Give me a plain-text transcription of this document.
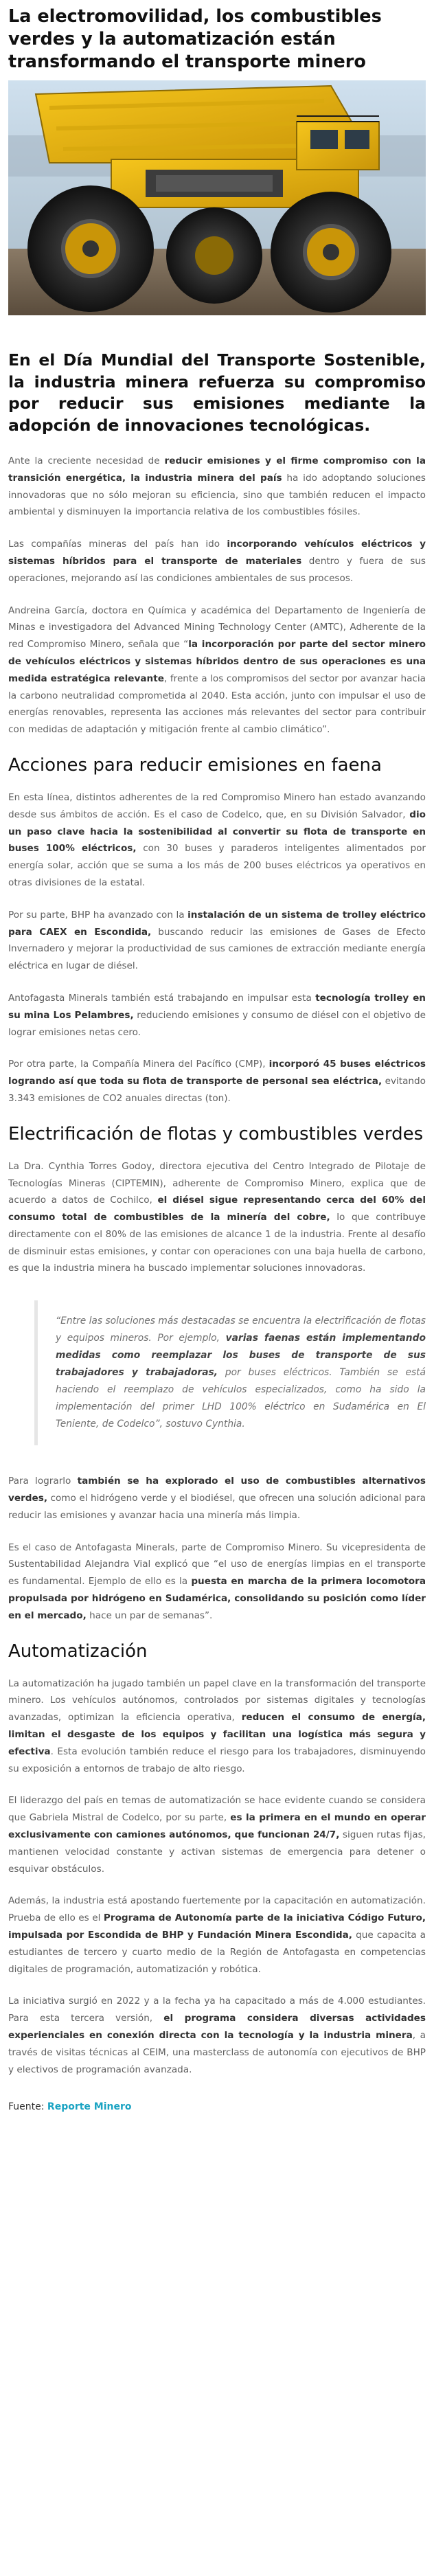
La electromovilidad, los combustibles verdes y la automatización están transformando el transporte minero

En el Día Mundial del Transporte Sostenible, la industria minera refuerza su compromiso por reducir sus emisiones mediante la adopción de innovaciones tecnológicas.

Ante la creciente necesidad de reducir emisiones y el firme compromiso con la transición energética, la industria minera del país ha ido adoptando soluciones innovadoras que no sólo mejoran su eficiencia, sino que también reducen el impacto ambiental y disminuyen la importancia relativa de los combustibles fósiles.

Las compañías mineras del país han ido incorporando vehículos eléctricos y sistemas híbridos para el transporte de materiales dentro y fuera de sus operaciones, mejorando así las condiciones ambientales de sus procesos.

Andreina García, doctora en Química y académica del Departamento de Ingeniería de Minas e investigadora del Advanced Mining Technology Center (AMTC), Adherente de la red Compromiso Minero, señala que “la incorporación por parte del sector minero de vehículos eléctricos y sistemas híbridos dentro de sus operaciones es una medida estratégica relevante, frente a los compromisos del sector por avanzar hacia la carbono neutralidad comprometida al 2040. Esta acción, junto con impulsar el uso de energías renovables, representa las acciones más relevantes del sector para contribuir con medidas de adaptación y mitigación frente al cambio climático”.

Acciones para reducir emisiones en faena

En esta línea, distintos adherentes de la red Compromiso Minero han estado avanzando desde sus ámbitos de acción. Es el caso de Codelco, que, en su División Salvador, dio un paso clave hacia la sostenibilidad al convertir su flota de transporte en buses 100% eléctricos, con 30 buses y paraderos inteligentes alimentados por energía solar, acción que se suma a los más de 200 buses eléctricos ya operativos en otras divisiones de la estatal.

Por su parte, BHP ha avanzado con la instalación de un sistema de trolley eléctrico para CAEX en Escondida, buscando reducir las emisiones de Gases de Efecto Invernadero y mejorar la productividad de sus camiones de extracción mediante energía eléctrica en lugar de diésel.

Antofagasta Minerals también está trabajando en impulsar esta tecnología trolley en su mina Los Pelambres, reduciendo emisiones y consumo de diésel con el objetivo de lograr emisiones netas cero.

Por otra parte, la Compañía Minera del Pacífico (CMP), incorporó 45 buses eléctricos logrando así que toda su flota de transporte de personal sea eléctrica, evitando 3.343 emisiones de CO2 anuales directas (ton).

Electrificación de flotas y combustibles verdes

La Dra. Cynthia Torres Godoy, directora ejecutiva del Centro Integrado de Pilotaje de Tecnologías Mineras (CIPTEMIN), adherente de Compromiso Minero, explica que de acuerdo a datos de Cochilco, el diésel sigue representando cerca del 60% del consumo total de combustibles de la minería del cobre, lo que contribuye directamente con el 80% de las emisiones de alcance 1 de la industria. Frente al desafío de disminuir estas emisiones, y contar con operaciones con una baja huella de carbono, es que la industria minera ha buscado implementar soluciones innovadoras.

“Entre las soluciones más destacadas se encuentra la electrificación de flotas y equipos mineros. Por ejemplo, varias faenas están implementando medidas como reemplazar los buses de transporte de sus trabajadores y trabajadoras, por buses eléctricos. También se está haciendo el reemplazo de vehículos especializados, como ha sido la implementación del primer LHD 100% eléctrico en Sudamérica en El Teniente, de Codelco”, sostuvo Cynthia.

Para lograrlo también se ha explorado el uso de combustibles alternativos verdes, como el hidrógeno verde y el biodiésel, que ofrecen una solución adicional para reducir las emisiones y avanzar hacia una minería más limpia.

Es el caso de Antofagasta Minerals, parte de Compromiso Minero. Su vicepresidenta de Sustentabilidad Alejandra Vial explicó que “el uso de energías limpias en el transporte es fundamental. Ejemplo de ello es la puesta en marcha de la primera locomotora propulsada por hidrógeno en Sudamérica, consolidando su posición como líder en el mercado, hace un par de semanas”.

Automatización

La automatización ha jugado también un papel clave en la transformación del transporte minero. Los vehículos autónomos, controlados por sistemas digitales y tecnologías avanzadas, optimizan la eficiencia operativa, reducen el consumo de energía, limitan el desgaste de los equipos y facilitan una logística más segura y efectiva. Esta evolución también reduce el riesgo para los trabajadores, disminuyendo su exposición a entornos de trabajo de alto riesgo.

El liderazgo del país en temas de automatización se hace evidente cuando se considera que Gabriela Mistral de Codelco, por su parte, es la primera en el mundo en operar exclusivamente con camiones autónomos, que funcionan 24/7, siguen rutas fijas, mantienen velocidad constante y activan sistemas de emergencia para detener o esquivar obstáculos.

Además, la industria está apostando fuertemente por la capacitación en automatización. Prueba de ello es el Programa de Autonomía parte de la iniciativa Código Futuro, impulsada por Escondida de BHP y Fundación Minera Escondida, que capacita a estudiantes de tercero y cuarto medio de la Región de Antofagasta en competencias digitales de programación, automatización y robótica.

La iniciativa surgió en 2022 y a la fecha ya ha capacitado a más de 4.000 estudiantes. Para esta tercera versión, el programa considera diversas actividades experienciales en conexión directa con la tecnología y la industria minera, a través de visitas técnicas al CEIM, una masterclass de autonomía con ejecutivos de BHP y electivos de programación avanzada.

Fuente: Reporte Minero
